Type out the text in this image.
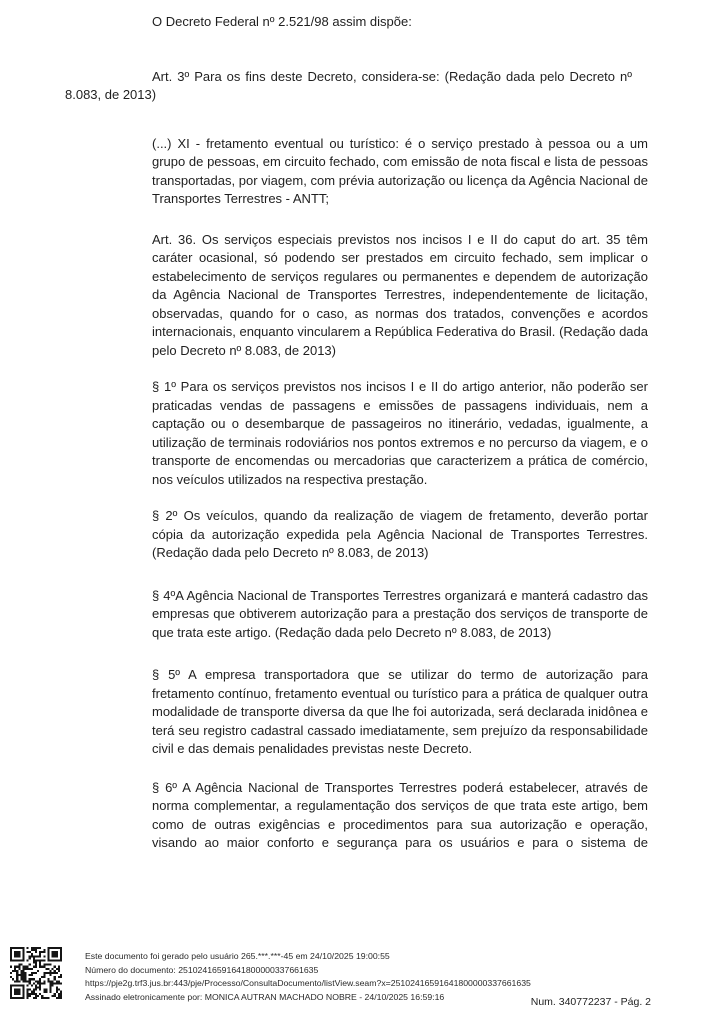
O Decreto Federal nº 2.521/98 assim dispõe:

Art. 3º Para os fins deste Decreto, considera-se: (Redação dada pelo Decreto nº 8.083, de 2013)

(...) XI - fretamento eventual ou turístico: é o serviço prestado à pessoa ou a um grupo de pessoas, em circuito fechado, com emissão de nota fiscal e lista de pessoas transportadas, por viagem, com prévia autorização ou licença da Agência Nacional de Transportes Terrestres - ANTT;

Art. 36. Os serviços especiais previstos nos incisos I e II do caput do art. 35 têm caráter ocasional, só podendo ser prestados em circuito fechado, sem implicar o estabelecimento de serviços regulares ou permanentes e dependem de autorização da Agência Nacional de Transportes Terrestres, independentemente de licitação, observadas, quando for o caso, as normas dos tratados, convenções e acordos internacionais, enquanto vincularem a República Federativa do Brasil. (Redação dada pelo Decreto nº 8.083, de 2013)

§ 1º Para os serviços previstos nos incisos I e II do artigo anterior, não poderão ser praticadas vendas de passagens e emissões de passagens individuais, nem a captação ou o desembarque de passageiros no itinerário, vedadas, igualmente, a utilização de terminais rodoviários nos pontos extremos e no percurso da viagem, e o transporte de encomendas ou mercadorias que caracterizem a prática de comércio, nos veículos utilizados na respectiva prestação.

§ 2º Os veículos, quando da realização de viagem de fretamento, deverão portar cópia da autorização expedida pela Agência Nacional de Transportes Terrestres. (Redação dada pelo Decreto nº 8.083, de 2013)

§ 4ºA Agência Nacional de Transportes Terrestres organizará e manterá cadastro das empresas que obtiverem autorização para a prestação dos serviços de transporte de que trata este artigo. (Redação dada pelo Decreto nº 8.083, de 2013)

§ 5º A empresa transportadora que se utilizar do termo de autorização para fretamento contínuo, fretamento eventual ou turístico para a prática de qualquer outra modalidade de transporte diversa da que lhe foi autorizada, será declarada inidônea e terá seu registro cadastral cassado imediatamente, sem prejuízo da responsabilidade civil e das demais penalidades previstas neste Decreto.

§ 6º A Agência Nacional de Transportes Terrestres poderá estabelecer, através de norma complementar, a regulamentação dos serviços de que trata este artigo, bem como de outras exigências e procedimentos para sua autorização e operação, visando ao maior conforto e segurança para os usuários e para o sistema de

Este documento foi gerado pelo usuário 265.***.***-45 em 24/10/2025 19:00:55
Número do documento: 25102416591641800000337661635
https://pje2g.trf3.jus.br:443/pje/Processo/ConsultaDocumento/listView.seam?x=25102416591641800000337661635
Assinado eletronicamente por: MONICA AUTRAN MACHADO NOBRE - 24/10/2025 16:59:16	Num. 340772237 - Pág. 2
